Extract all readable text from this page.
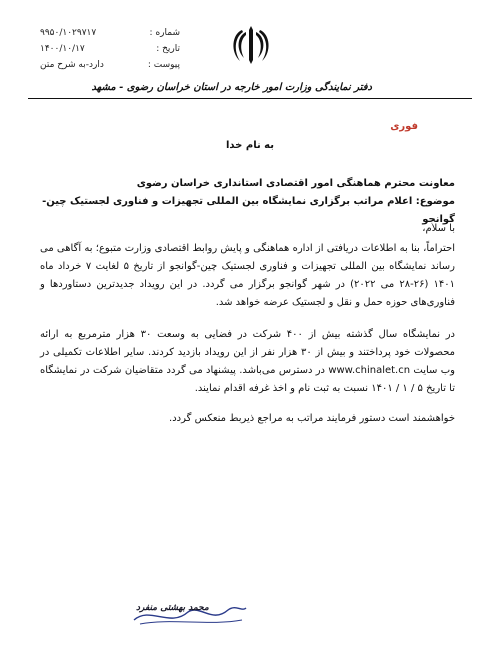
شماره :
۹۹۵۰/۱۰۲۹۷۱۷
تاریخ :
۱۴۰۰/۱۰/۱۷
پیوست :
دارد-به شرح متن
دفتر نمایندگی وزارت امور خارجه در استان خراسان رضوی - مشهد
فوری
به نام خدا
معاونت محترم هماهنگی امور اقتصادی استانداری خراسان رضوی
موضوع: اعلام مراتب برگزاری نمایشگاه بین المللی تجهیزات و فناوری لجستیک چین-گوانجو
با سلام،
احتراماً، بنا به اطلاعات دریافتی از اداره هماهنگی و پایش روابط اقتصادی وزارت متبوع؛ به آگاهی می رساند نمایشگاه بین المللی تجهیزات و فناوری لجستیک چین-گوانجو از تاریخ ۵ لغایت ۷ خرداد ماه ۱۴۰۱ (۲۶-۲۸ می ۲۰۲۲) در شهر گوانجو برگزار می گردد. در این رویداد جدیدترین دستاوردها و فناوری‌های حوزه حمل و نقل و لجستیک عرضه خواهد شد.
در نمایشگاه سال گذشته بیش از ۴۰۰ شرکت در فضایی به وسعت ۳۰ هزار مترمربع به ارائه محصولات خود پرداختند و بیش از ۳۰ هزار نفر از این رویداد بازدید کردند. سایر اطلاعات تکمیلی در وب سایت www.chinalet.cn در دسترس می‌باشد. پیشنهاد می گردد متقاضیان شرکت در نمایشگاه تا تاریخ ۵ / ۱ / ۱۴۰۱ نسبت به ثبت نام و اخذ غرفه اقدام نمایند.
خواهشمند است دستور فرمایند مراتب به مراجع ذیربط منعکس گردد.
محمد بهشتی منفرد
